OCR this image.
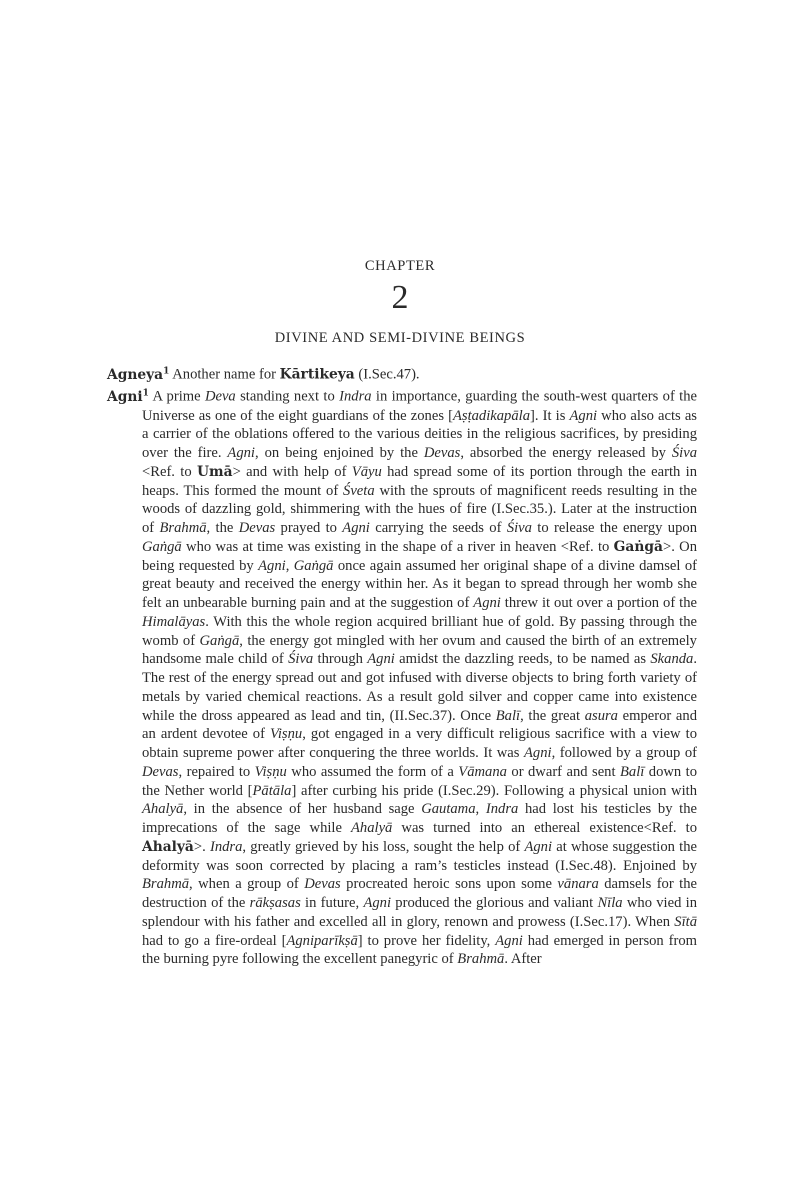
CHAPTER
2
DIVINE AND SEMI-DIVINE BEINGS

Agneya$^1$ Another name for Kārtikeya (I.Sec.47).

Agni$^1$ A prime Deva standing next to Indra in importance, guarding the south-west quarters of the Universe as one of the eight guardians of the zones [Aṣṭadikapāla]. It is Agni who also acts as a carrier of the oblations offered to the various deities in the religious sacrifices, by presiding over the fire. Agni, on being enjoined by the Devas, absorbed the energy released by Śiva <Ref. to Umā> and with help of Vāyu had spread some of its portion through the earth in heaps. This formed the mount of Śveta with the sprouts of magnificent reeds resulting in the woods of dazzling gold, shimmering with the hues of fire (I.Sec.35.). Later at the instruction of Brahmā, the Devas prayed to Agni carrying the seeds of Śiva to release the energy upon Gaṅgā who was at time was existing in the shape of a river in heaven <Ref. to Gaṅgā>. On being requested by Agni, Gaṅgā once again assumed her original shape of a divine damsel of great beauty and received the energy within her. As it began to spread through her womb she felt an unbearable burning pain and at the suggestion of Agni threw it out over a portion of the Himalāyas. With this the whole region acquired brilliant hue of gold. By passing through the womb of Gaṅgā, the energy got mingled with her ovum and caused the birth of an extremely handsome male child of Śiva through Agni amidst the dazzling reeds, to be named as Skanda. The rest of the energy spread out and got infused with diverse objects to bring forth variety of metals by varied chemical reactions. As a result gold silver and copper came into existence while the dross appeared as lead and tin, (II.Sec.37). Once Balī, the great asura emperor and an ardent devotee of Viṣṇu, got engaged in a very difficult religious sacrifice with a view to obtain supreme power after conquering the three worlds. It was Agni, followed by a group of Devas, repaired to Viṣṇu who assumed the form of a Vāmana or dwarf and sent Balī down to the Nether world [Pātāla] after curbing his pride (I.Sec.29). Following a physical union with Ahalyā, in the absence of her husband sage Gautama, Indra had lost his testicles by the imprecations of the sage while Ahalyā was turned into an ethereal existence<Ref. to Ahalyā>. Indra, greatly grieved by his loss, sought the help of Agni at whose suggestion the deformity was soon corrected by placing a ram’s testicles instead (I.Sec.48). Enjoined by Brahmā, when a group of Devas procreated heroic sons upon some vānara damsels for the destruction of the rākṣasas in future, Agni produced the glorious and valiant Nīla who vied in splendour with his father and excelled all in glory, renown and prowess (I.Sec.17). When Sītā had to go a fire-ordeal [Agniparīkṣā] to prove her fidelity, Agni had emerged in person from the burning pyre following the excellent panegyric of Brahmā. After
